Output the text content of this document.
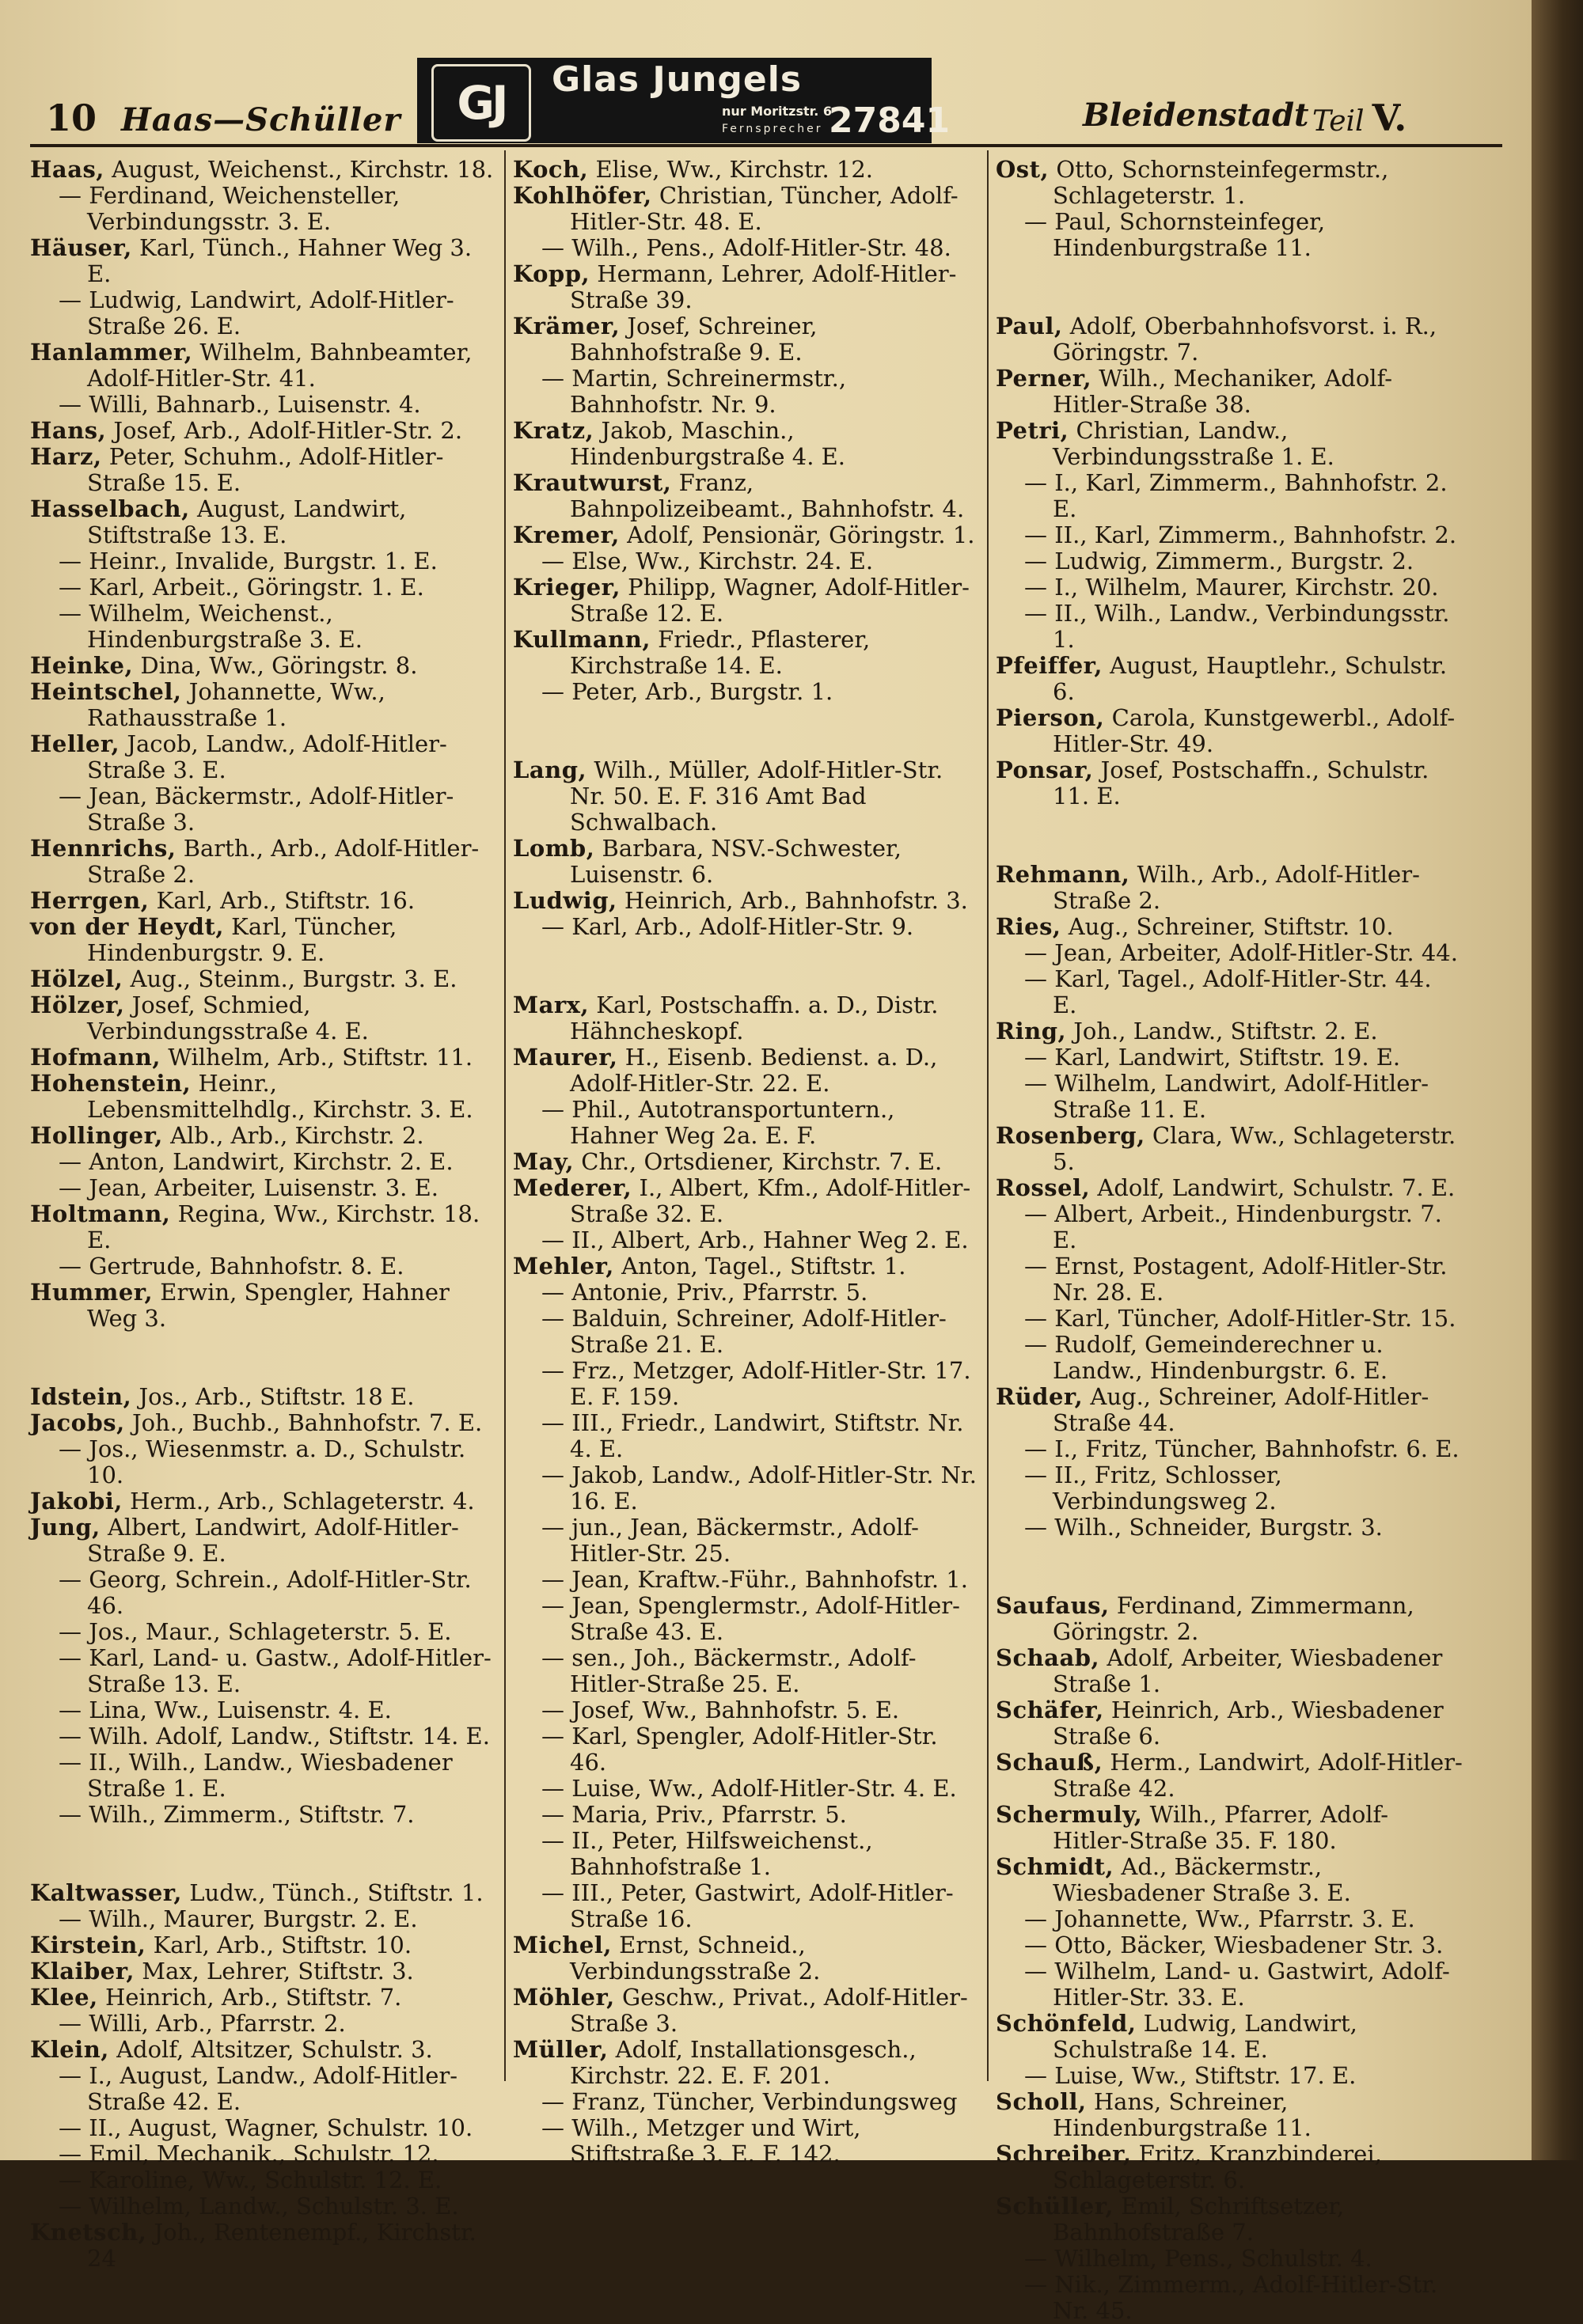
10 Haas—Schüller	Bleidenstadt Teil V.
GJ	Glas Jungels
nur Moritzstr. 6
Fernsprecher 27841

Haas, August, Weichenst., Kirchstr. 18.

— Ferdinand, Weichensteller, Verbindungsstr. 3. E.

Häuser, Karl, Tünch., Hahner Weg 3. E.

— Ludwig, Landwirt, Adolf-Hitler-Straße 26. E.

Hanlammer, Wilhelm, Bahnbeamter, Adolf-Hitler-Str. 41.

— Willi, Bahnarb., Luisenstr. 4.

Hans, Josef, Arb., Adolf-Hitler-Str. 2.

Harz, Peter, Schuhm., Adolf-Hitler-Straße 15. E.

Hasselbach, August, Landwirt, Stiftstraße 13. E.

— Heinr., Invalide, Burgstr. 1. E.

— Karl, Arbeit., Göringstr. 1. E.

— Wilhelm, Weichenst., Hindenburgstraße 3. E.

Heinke, Dina, Ww., Göringstr. 8.

Heintschel, Johannette, Ww., Rathausstraße 1.

Heller, Jacob, Landw., Adolf-Hitler-Straße 3. E.

— Jean, Bäckermstr., Adolf-Hitler-Straße 3.

Hennrichs, Barth., Arb., Adolf-Hitler-Straße 2.

Herrgen, Karl, Arb., Stiftstr. 16.

von der Heydt, Karl, Tüncher, Hindenburgstr. 9. E.

Hölzel, Aug., Steinm., Burgstr. 3. E.

Hölzer, Josef, Schmied, Verbindungsstraße 4. E.

Hofmann, Wilhelm, Arb., Stiftstr. 11.

Hohenstein, Heinr., Lebensmittelhdlg., Kirchstr. 3. E.

Hollinger, Alb., Arb., Kirchstr. 2.

— Anton, Landwirt, Kirchstr. 2. E.

— Jean, Arbeiter, Luisenstr. 3. E.

Holtmann, Regina, Ww., Kirchstr. 18. E.

— Gertrude, Bahnhofstr. 8. E.

Hummer, Erwin, Spengler, Hahner Weg 3.

Idstein, Jos., Arb., Stiftstr. 18 E.

Jacobs, Joh., Buchb., Bahnhofstr. 7. E.

— Jos., Wiesenmstr. a. D., Schulstr. 10.

Jakobi, Herm., Arb., Schlageterstr. 4.

Jung, Albert, Landwirt, Adolf-Hitler-Straße 9. E.

— Georg, Schrein., Adolf-Hitler-Str. 46.

— Jos., Maur., Schlageterstr. 5. E.

— Karl, Land- u. Gastw., Adolf-Hitler-Straße 13. E.

— Lina, Ww., Luisenstr. 4. E.

— Wilh. Adolf, Landw., Stiftstr. 14. E.

— II., Wilh., Landw., Wiesbadener Straße 1. E.

— Wilh., Zimmerm., Stiftstr. 7.

Kaltwasser, Ludw., Tünch., Stiftstr. 1.

— Wilh., Maurer, Burgstr. 2. E.

Kirstein, Karl, Arb., Stiftstr. 10.

Klaiber, Max, Lehrer, Stiftstr. 3.

Klee, Heinrich, Arb., Stiftstr. 7.

— Willi, Arb., Pfarrstr. 2.

Klein, Adolf, Altsitzer, Schulstr. 3.

— I., August, Landw., Adolf-Hitler-Straße 42. E.

— II., August, Wagner, Schulstr. 10.

— Emil, Mechanik., Schulstr. 12.

— Karoline, Ww., Schulstr. 12. E.

— Wilhelm, Landw., Schulstr. 3. E.

Knetsch, Joh., Rentenempf., Kirchstr. 24

Koch, Elise, Ww., Kirchstr. 12.

Kohlhöfer, Christian, Tüncher, Adolf-Hitler-Str. 48. E.

— Wilh., Pens., Adolf-Hitler-Str. 48.

Kopp, Hermann, Lehrer, Adolf-Hitler-Straße 39.

Krämer, Josef, Schreiner, Bahnhofstraße 9. E.

— Martin, Schreinermstr., Bahnhofstr. Nr. 9.

Kratz, Jakob, Maschin., Hindenburgstraße 4. E.

Krautwurst, Franz, Bahnpolizeibeamt., Bahnhofstr. 4.

Kremer, Adolf, Pensionär, Göringstr. 1.

— Else, Ww., Kirchstr. 24. E.

Krieger, Philipp, Wagner, Adolf-Hitler-Straße 12. E.

Kullmann, Friedr., Pflasterer, Kirchstraße 14. E.

— Peter, Arb., Burgstr. 1.

Lang, Wilh., Müller, Adolf-Hitler-Str. Nr. 50. E. F. 316 Amt Bad Schwalbach.

Lomb, Barbara, NSV.-Schwester, Luisenstr. 6.

Ludwig, Heinrich, Arb., Bahnhofstr. 3.

— Karl, Arb., Adolf-Hitler-Str. 9.

Marx, Karl, Postschaffn. a. D., Distr. Hähncheskopf.

Maurer, H., Eisenb. Bedienst. a. D., Adolf-Hitler-Str. 22. E.

— Phil., Autotransportuntern., Hahner Weg 2a. E. F.

May, Chr., Ortsdiener, Kirchstr. 7. E.

Mederer, I., Albert, Kfm., Adolf-Hitler-Straße 32. E.

— II., Albert, Arb., Hahner Weg 2. E.

Mehler, Anton, Tagel., Stiftstr. 1.

— Antonie, Priv., Pfarrstr. 5.

— Balduin, Schreiner, Adolf-Hitler-Straße 21. E.

— Frz., Metzger, Adolf-Hitler-Str. 17. E. F. 159.

— III., Friedr., Landwirt, Stiftstr. Nr. 4. E.

— Jakob, Landw., Adolf-Hitler-Str. Nr. 16. E.

— jun., Jean, Bäckermstr., Adolf-Hitler-Str. 25.

— Jean, Kraftw.-Führ., Bahnhofstr. 1.

— Jean, Spenglermstr., Adolf-Hitler-Straße 43. E.

— sen., Joh., Bäckermstr., Adolf-Hitler-Straße 25. E.

— Josef, Ww., Bahnhofstr. 5. E.

— Karl, Spengler, Adolf-Hitler-Str. 46.

— Luise, Ww., Adolf-Hitler-Str. 4. E.

— Maria, Priv., Pfarrstr. 5.

— II., Peter, Hilfsweichenst., Bahnhofstraße 1.

— III., Peter, Gastwirt, Adolf-Hitler-Straße 16.

Michel, Ernst, Schneid., Verbindungsstraße 2.

Möhler, Geschw., Privat., Adolf-Hitler-Straße 3.

Müller, Adolf, Installationsgesch., Kirchstr. 22. E. F. 201.

— Franz, Tüncher, Verbindungsweg

— Wilh., Metzger und Wirt, Stiftstraße 3. E. F. 142.

Ost, Otto, Schornsteinfegermstr., Schlageterstr. 1.

— Paul, Schornsteinfeger, Hindenburgstraße 11.

Paul, Adolf, Oberbahnhofsvorst. i. R., Göringstr. 7.

Perner, Wilh., Mechaniker, Adolf-Hitler-Straße 38.

Petri, Christian, Landw., Verbindungsstraße 1. E.

— I., Karl, Zimmerm., Bahnhofstr. 2. E.

— II., Karl, Zimmerm., Bahnhofstr. 2.

— Ludwig, Zimmerm., Burgstr. 2.

— I., Wilhelm, Maurer, Kirchstr. 20.

— II., Wilh., Landw., Verbindungsstr. 1.

Pfeiffer, August, Hauptlehr., Schulstr. 6.

Pierson, Carola, Kunstgewerbl., Adolf-Hitler-Str. 49.

Ponsar, Josef, Postschaffn., Schulstr. 11. E.

Rehmann, Wilh., Arb., Adolf-Hitler-Straße 2.

Ries, Aug., Schreiner, Stiftstr. 10.

— Jean, Arbeiter, Adolf-Hitler-Str. 44.

— Karl, Tagel., Adolf-Hitler-Str. 44. E.

Ring, Joh., Landw., Stiftstr. 2. E.

— Karl, Landwirt, Stiftstr. 19. E.

— Wilhelm, Landwirt, Adolf-Hitler-Straße 11. E.

Rosenberg, Clara, Ww., Schlageterstr. 5.

Rossel, Adolf, Landwirt, Schulstr. 7. E.

— Albert, Arbeit., Hindenburgstr. 7. E.

— Ernst, Postagent, Adolf-Hitler-Str. Nr. 28. E.

— Karl, Tüncher, Adolf-Hitler-Str. 15.

— Rudolf, Gemeinderechner u. Landw., Hindenburgstr. 6. E.

Rüder, Aug., Schreiner, Adolf-Hitler-Straße 44.

— I., Fritz, Tüncher, Bahnhofstr. 6. E.

— II., Fritz, Schlosser, Verbindungsweg 2.

— Wilh., Schneider, Burgstr. 3.

Saufaus, Ferdinand, Zimmermann, Göringstr. 2.

Schaab, Adolf, Arbeiter, Wiesbadener Straße 1.

Schäfer, Heinrich, Arb., Wiesbadener Straße 6.

Schauß, Herm., Landwirt, Adolf-Hitler-Straße 42.

Schermuly, Wilh., Pfarrer, Adolf-Hitler-Straße 35. F. 180.

Schmidt, Ad., Bäckermstr., Wiesbadener Straße 3. E.

— Johannette, Ww., Pfarrstr. 3. E.

— Otto, Bäcker, Wiesbadener Str. 3.

— Wilhelm, Land- u. Gastwirt, Adolf-Hitler-Str. 33. E.

Schönfeld, Ludwig, Landwirt, Schulstraße 14. E.

— Luise, Ww., Stiftstr. 17. E.

Scholl, Hans, Schreiner, Hindenburgstraße 11.

Schreiber, Fritz, Kranzbinderei, Schlageterstr. 6.

Schüller, Emil, Schriftsetzer, Bahnhofstraße 7.

— Wilhelm, Pens., Schulstr. 4.

— Nik., Zimmerm., Adolf-Hitler-Str. Nr. 45.
